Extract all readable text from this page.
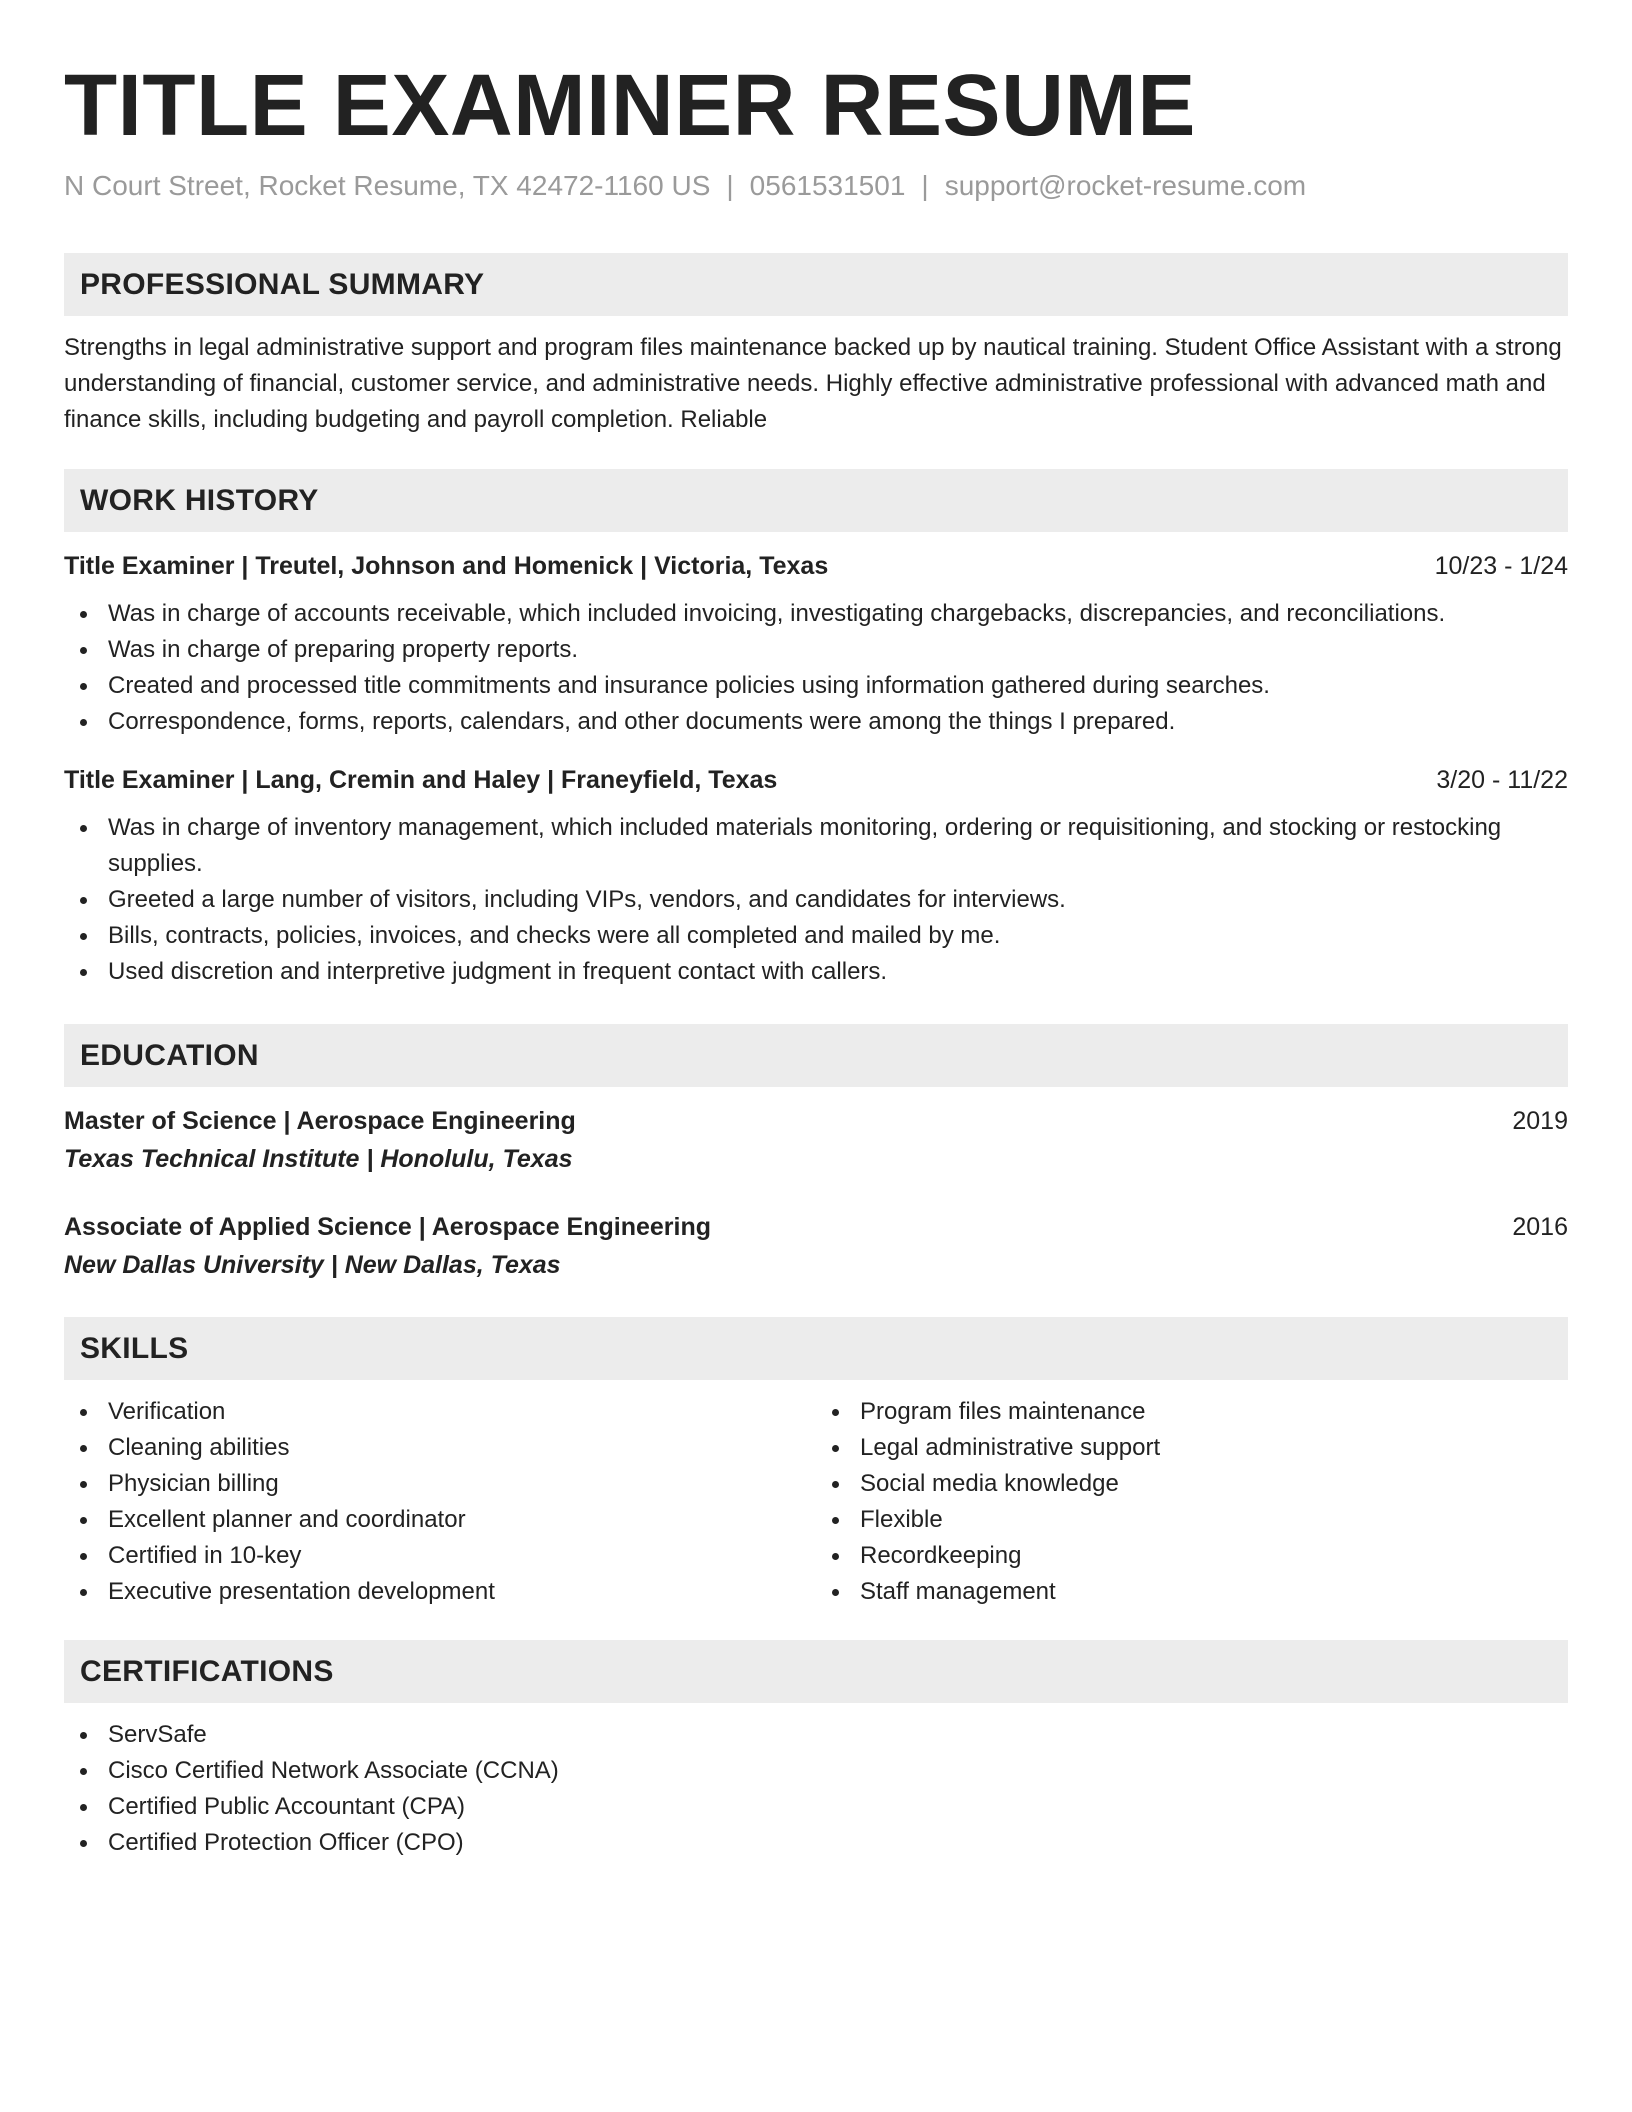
TITLE EXAMINER RESUME
N Court Street, Rocket Resume, TX 42472-1160 US | 0561531501 | support@rocket-resume.com
PROFESSIONAL SUMMARY

Strengths in legal administrative support and program files maintenance backed up by nautical training. Student Office Assistant with a strong understanding of financial, customer service, and administrative needs. Highly effective administrative professional with advanced math and finance skills, including budgeting and payroll completion. Reliable

WORK HISTORY
Title Examiner | Treutel, Johnson and Homenick | Victoria, Texas	10/23 - 1/24
Was in charge of accounts receivable, which included invoicing, investigating chargebacks, discrepancies, and reconciliations.
Was in charge of preparing property reports.
Created and processed title commitments and insurance policies using information gathered during searches.
Correspondence, forms, reports, calendars, and other documents were among the things I prepared.
Title Examiner | Lang, Cremin and Haley | Franeyfield, Texas	3/20 - 11/22
Was in charge of inventory management, which included materials monitoring, ordering or requisitioning, and stocking or restocking supplies.
Greeted a large number of visitors, including VIPs, vendors, and candidates for interviews.
Bills, contracts, policies, invoices, and checks were all completed and mailed by me.
Used discretion and interpretive judgment in frequent contact with callers.
EDUCATION
Master of Science | Aerospace Engineering	2019
Texas Technical Institute | Honolulu, Texas
Associate of Applied Science | Aerospace Engineering	2016
New Dallas University | New Dallas, Texas
SKILLS
Verification
Cleaning abilities
Physician billing
Excellent planner and coordinator
Certified in 10-key
Executive presentation development
Program files maintenance
Legal administrative support
Social media knowledge
Flexible
Recordkeeping
Staff management
CERTIFICATIONS
ServSafe
Cisco Certified Network Associate (CCNA)
Certified Public Accountant (CPA)
Certified Protection Officer (CPO)
